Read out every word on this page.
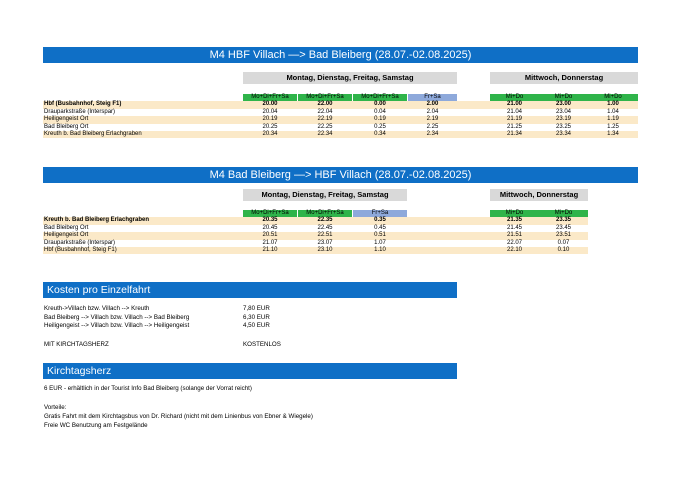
M4 HBF Villach —> Bad Bleiberg (28.07.-02.08.2025)
Montag, Dienstag, Freitag, Samstag	Mittwoch, Donnerstag
Mo+Di+Fr+Sa	Mo+Di+Fr+Sa	Mo+Di+Fr+Sa	Fr+Sa	Mi+Do	Mi+Do	Mi+Do
Hbf (Busbahnhof, Steig F1)	20.00	22.00	0.00	2.00	21.00	23.00	1.00
Drauparkstraße (Interspar)	20.04	22.04	0.04	2.04	21.04	23.04	1.04
Heiligengeist Ort	20.19	22.19	0.19	2.19	21.19	23.19	1.19
Bad Bleiberg Ort	20.25	22.25	0.25	2.25	21.25	23.25	1.25
Kreuth b. Bad Bleiberg Erlachgraben	20.34	22.34	0.34	2.34	21.34	23.34	1.34
M4 Bad Bleiberg —> HBF Villach (28.07.-02.08.2025)
Montag, Dienstag, Freitag, Samstag	Mittwoch, Donnerstag
Mo+Di+Fr+Sa	Mo+Di+Fr+Sa	Fr+Sa	Mi+Do	Mi+Do
Kreuth b. Bad Bleiberg Erlachgraben	20.35	22.35	0.35	21.35	23.35
Bad Bleiberg Ort	20.45	22.45	0.45	21.45	23.45
Heiligengeist Ort	20.51	22.51	0.51	21.51	23.51
Drauparkstraße (Interspar)	21.07	23.07	1.07	22.07	0.07
Hbf (Busbahnhof, Steig F1)	21.10	23.10	1.10	22.10	0.10
Kosten pro Einzelfahrt
Kreuth->Villach bzw. Villach --> Kreuth	7,80 EUR
Bad Bleiberg --> Villach bzw. Villach --> Bad Bleiberg	6,30 EUR
Heiligengeist --> Villach bzw. Villach --> Heiligengeist	4,50 EUR
MIT KIRCHTAGSHERZ	KOSTENLOS
Kirchtagsherz
6 EUR - erhältlich in der Tourist Info Bad Bleiberg (solange der Vorrat reicht)
Vorteile:
Gratis Fahrt mit dem Kirchtagsbus von Dr. Richard (nicht mit dem Linienbus von Ebner & Wiegele)
Freie WC Benutzung am Festgelände
